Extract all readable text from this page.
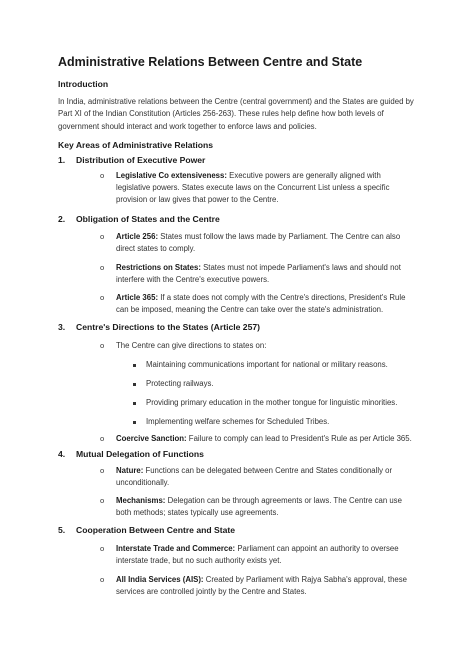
Administrative Relations Between Centre and State
Introduction
In India, administrative relations between the Centre (central government) and the States are guided by Part XI of the Indian Constitution (Articles 256-263). These rules help define how both levels of government should interact and work together to enforce laws and policies.
Key Areas of Administrative Relations
1. Distribution of Executive Power
o Legislative Co extensiveness: Executive powers are generally aligned with legislative powers. States execute laws on the Concurrent List unless a specific provision or law gives that power to the Centre.
2. Obligation of States and the Centre
o Article 256: States must follow the laws made by Parliament. The Centre can also direct states to comply.
o Restrictions on States: States must not impede Parliament's laws and should not interfere with the Centre's executive powers.
o Article 365: If a state does not comply with the Centre's directions, President's Rule can be imposed, meaning the Centre can take over the state's administration.
3. Centre's Directions to the States (Article 257)
o The Centre can give directions to states on:
Maintaining communications important for national or military reasons.
Protecting railways.
Providing primary education in the mother tongue for linguistic minorities.
Implementing welfare schemes for Scheduled Tribes.
o Coercive Sanction: Failure to comply can lead to President's Rule as per Article 365.
4. Mutual Delegation of Functions
o Nature: Functions can be delegated between Centre and States conditionally or unconditionally.
o Mechanisms: Delegation can be through agreements or laws. The Centre can use both methods; states typically use agreements.
5. Cooperation Between Centre and State
o Interstate Trade and Commerce: Parliament can appoint an authority to oversee interstate trade, but no such authority exists yet.
o All India Services (AIS): Created by Parliament with Rajya Sabha's approval, these services are controlled jointly by the Centre and States.
